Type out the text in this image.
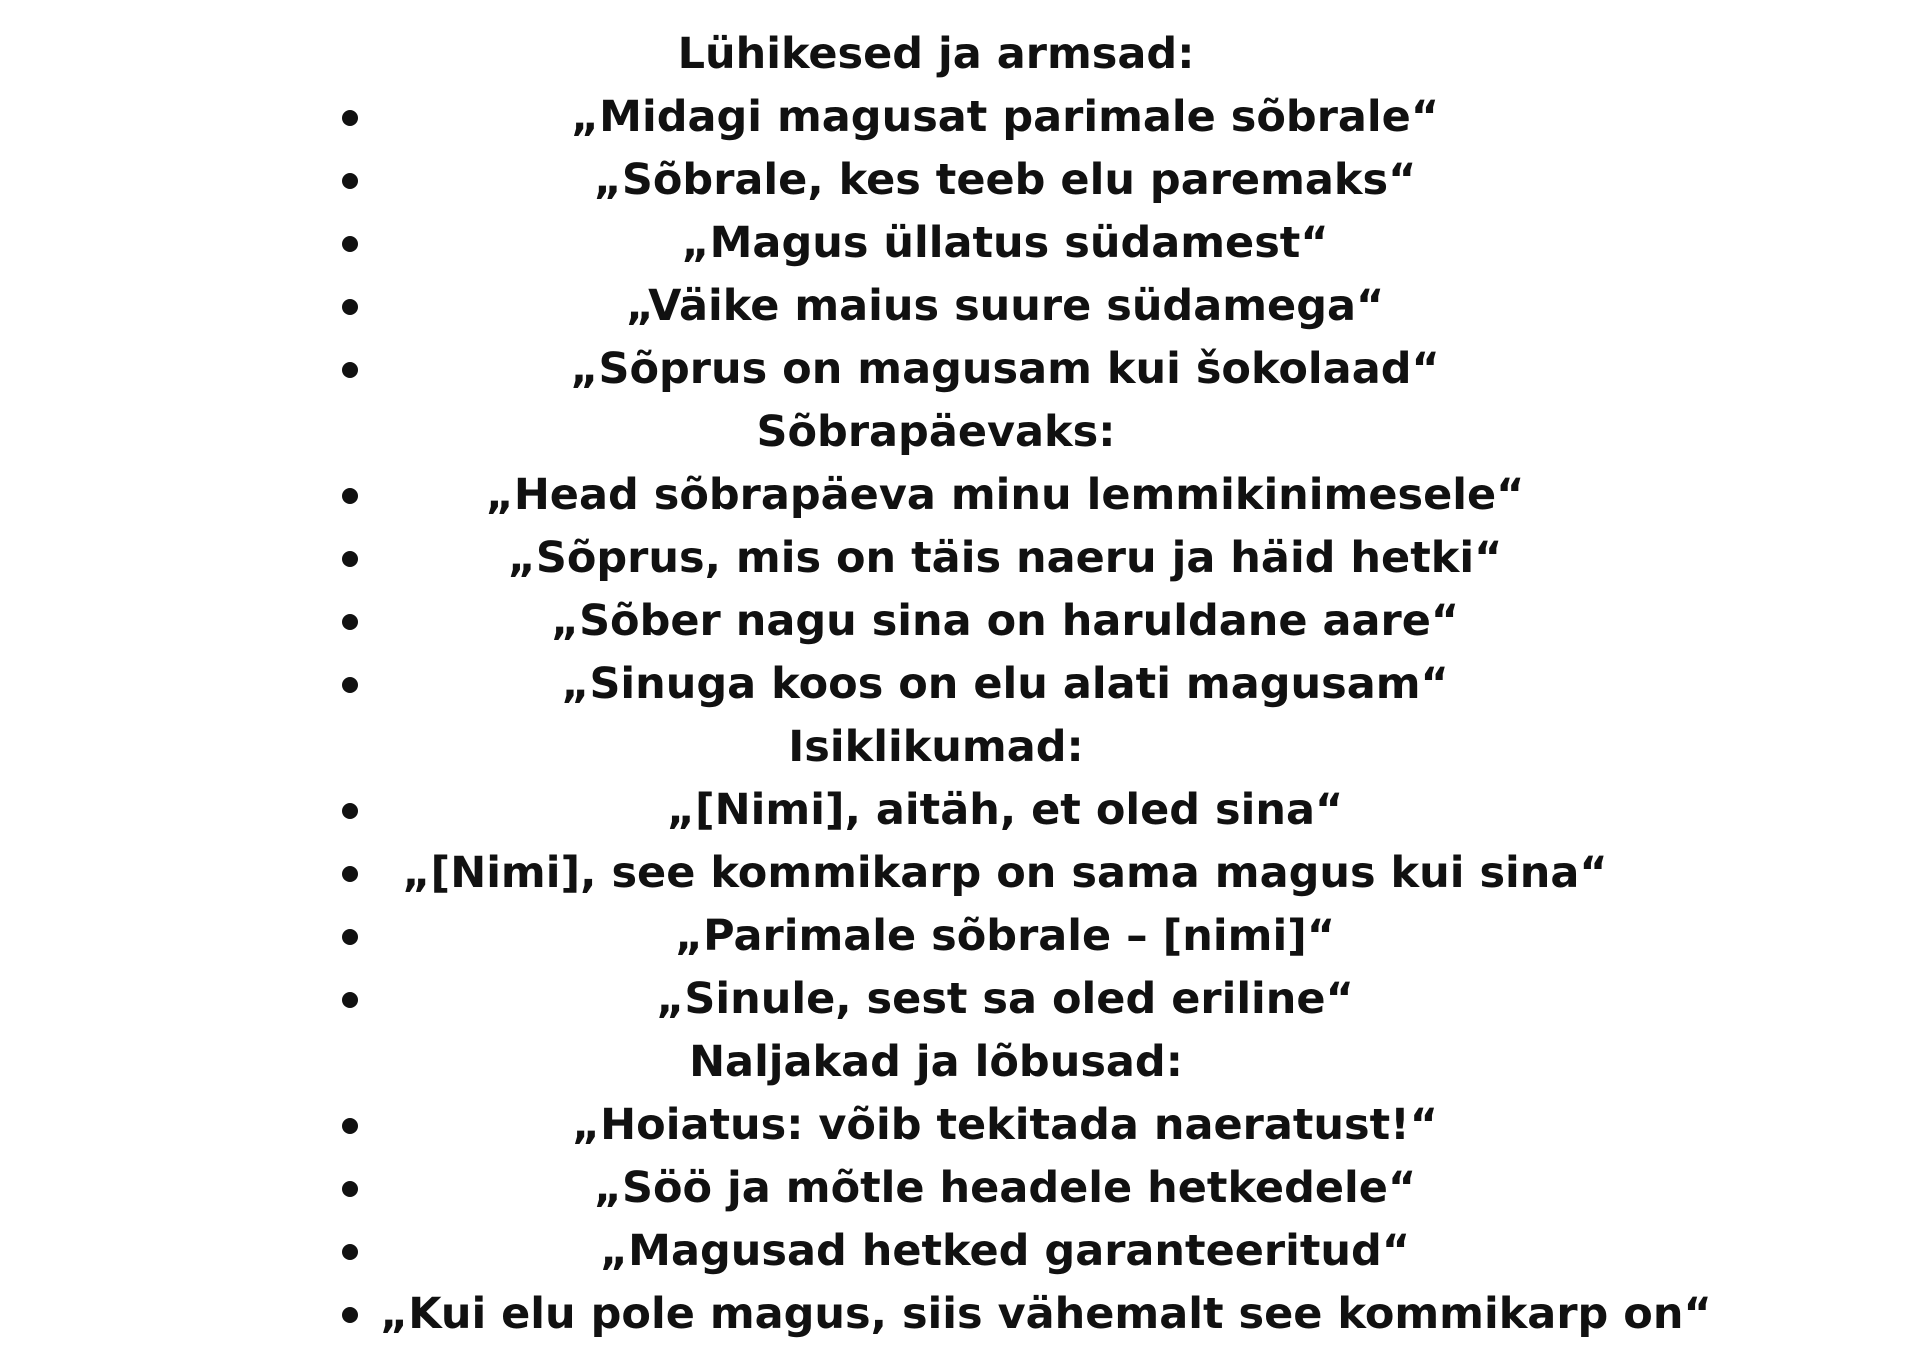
Lühikesed ja armsad:
„Midagi magusat parimale sõbrale“
„Sõbrale, kes teeb elu paremaks“
„Magus üllatus südamest“
„Väike maius suure südamega“
„Sõprus on magusam kui šokolaad“
Sõbrapäevaks:
„Head sõbrapäeva minu lemmikinimesele“
„Sõprus, mis on täis naeru ja häid hetki“
„Sõber nagu sina on haruldane aare“
„Sinuga koos on elu alati magusam“
Isiklikumad:
„[Nimi], aitäh, et oled sina“
„[Nimi], see kommikarp on sama magus kui sina“
„Parimale sõbrale – [nimi]“
„Sinule, sest sa oled eriline“
Naljakad ja lõbusad:
„Hoiatus: võib tekitada naeratust!“
„Söö ja mõtle headele hetkedele“
„Magusad hetked garanteeritud“
„Kui elu pole magus, siis vähemalt see kommikarp on“
